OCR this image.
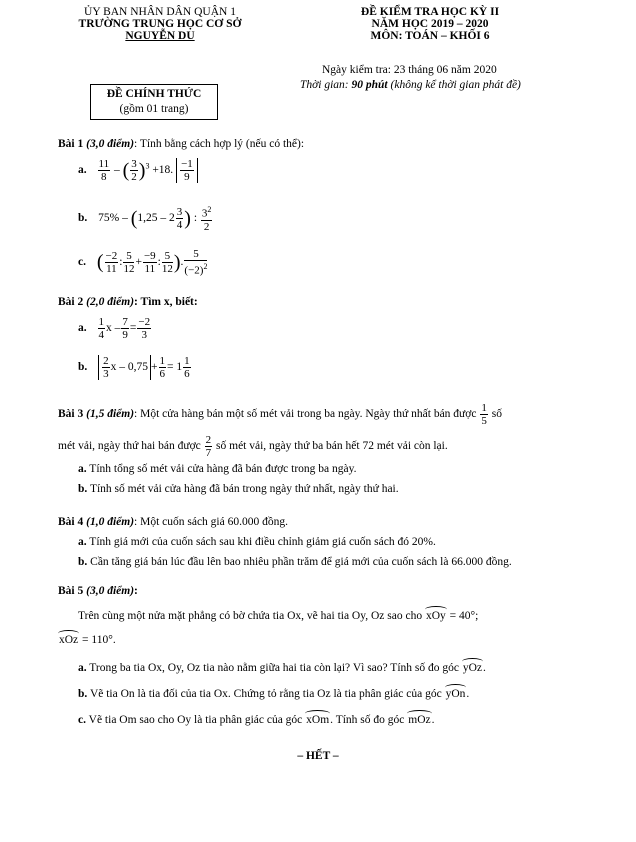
ỦY BAN NHÂN DÂN QUẬN 1
TRƯỜNG TRUNG HỌC CƠ SỞ
NGUYỄN DU
ĐỀ CHÍNH THỨC
(gồm 01 trang)
ĐỀ KIỂM TRA HỌC KỲ II
NĂM HỌC 2019 – 2020
MÔN: TOÁN – KHỐI 6
Ngày kiểm tra: 23 tháng 06 năm 2020
Thời gian: 90 phút (không kể thời gian phát đề)
Bài 1 (3,0 điểm): Tính bằng cách hợp lý (nếu có thể):
a. $\frac{11}{8}$ – ( $\frac{3}{2} )^3 +18$. $\frac{-1}{9}$
b. $75\% - (1,25 - 2 \frac{3}{4}$ ) : $\frac{3^2}{2}$
c. ( $\frac{-2}{11}$ : $\frac{5}{12} + \frac{-9}{11}$ : $\frac{5}{12}$ ). $\frac{5}{(-2)^2}$
Bài 2 (2,0 điểm): Tìm x, biết:
a. $\frac{1}{4}$ $x - \frac{7}{9} = \frac{-2}{3}$
b. $\frac{2}{3}$ $x - 0,75 + \frac{1}{6} = 1 \frac{1}{6}$
Bài 3 (1,5 điểm): Một cửa hàng bán một số mét vải trong ba ngày. Ngày thứ nhất bán được $\frac{1}{5}$ số
mét vải, ngày thứ hai bán được $\frac{2}{7}$ số mét vải, ngày thứ ba bán hết 72 mét vải còn lại.
a. Tính tổng số mét vải cửa hàng đã bán được trong ba ngày.
b. Tính số mét vải cửa hàng đã bán trong ngày thứ nhất, ngày thứ hai.
Bài 4 (1,0 điểm): Một cuốn sách giá 60.000 đồng.
a. Tính giá mới của cuốn sách sau khi điều chỉnh giảm giá cuốn sách đó 20%.
b. Cần tăng giá bán lúc đầu lên bao nhiêu phần trăm để giá mới của cuốn sách là 66.000 đồng.
Bài 5 (3,0 điểm):
Trên cùng một nửa mặt phẳng có bờ chứa tia Ox, vẽ hai tia Oy, Oz sao cho xOy = 40°;
xOz = 110°.
a. Trong ba tia Ox, Oy, Oz tia nào nằm giữa hai tia còn lại? Vì sao? Tính số đo góc yOz.
b. Vẽ tia On là tia đối của tia Ox. Chứng tỏ rằng tia Oz là tia phân giác của góc yOn.
c. Vẽ tia Om sao cho Oy là tia phân giác của góc xOm. Tính số đo góc mOz.
– HẾT –
